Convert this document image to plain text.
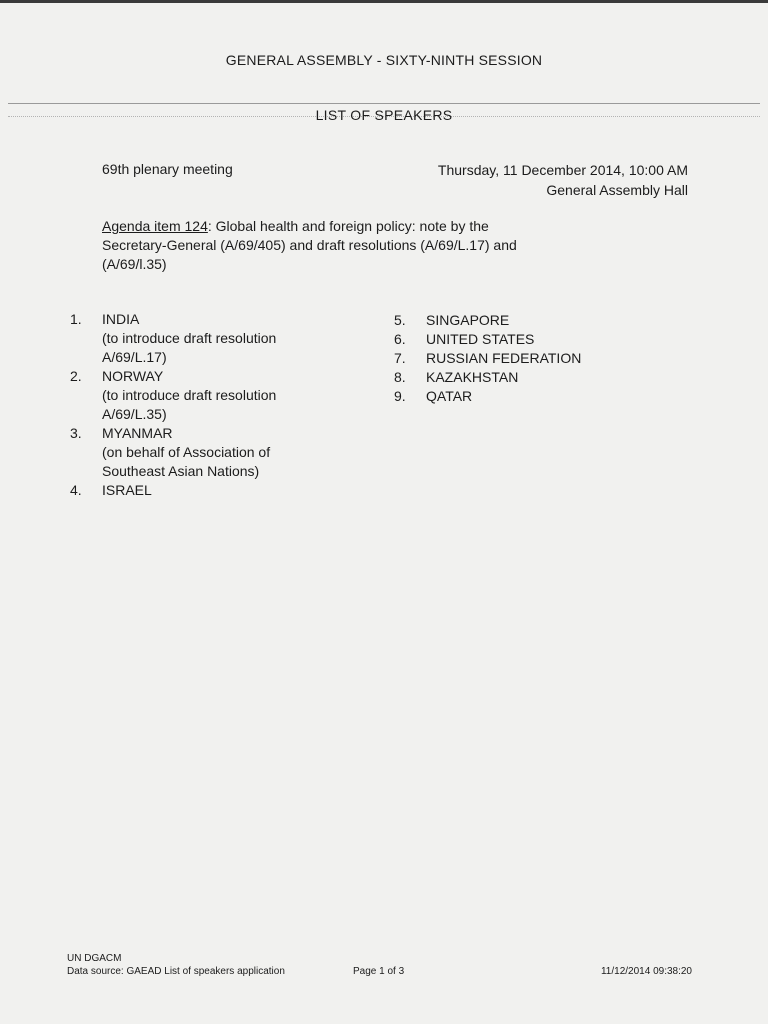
GENERAL ASSEMBLY - SIXTY-NINTH SESSION
LIST OF SPEAKERS
69th plenary meeting	Thursday, 11 December 2014, 10:00 AM
General Assembly Hall
Agenda item 124: Global health and foreign policy: note by the Secretary-General (A/69/405) and draft resolutions (A/69/L.17) and (A/69/l.35)
1.	INDIA
(to introduce draft resolution A/69/L.17)
2.	NORWAY
(to introduce draft resolution A/69/L.35)
3.	MYANMAR
(on behalf of Association of Southeast Asian Nations)
4.	ISRAEL
5.	SINGAPORE
6.	UNITED STATES
7.	RUSSIAN FEDERATION
8.	KAZAKHSTAN
9.	QATAR
UN DGACM
Data source: GAEAD List of speakers application	Page 1 of 3	11/12/2014 09:38:20
